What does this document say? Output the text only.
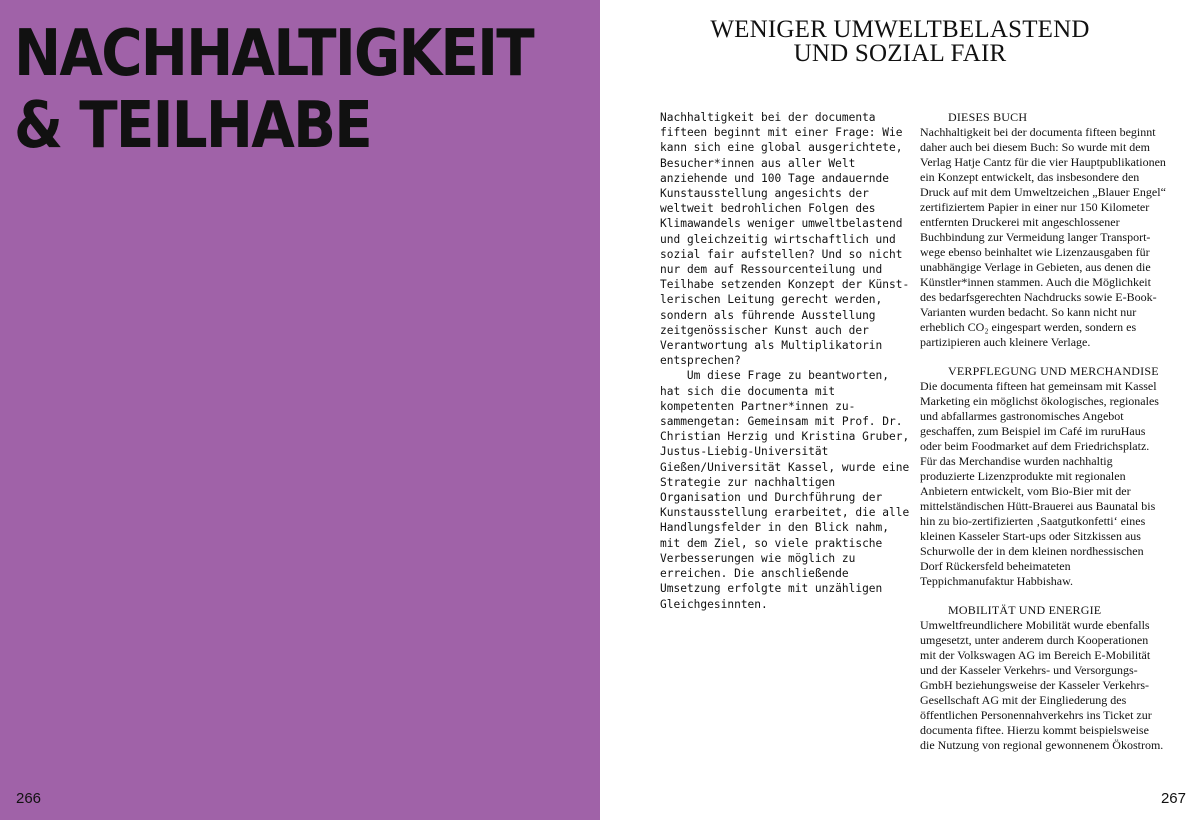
NACHHALTIGKEIT
& TEILHABE
266
WENIGER UMWELTBELASTEND
UND SOZIAL FAIR

Nachhaltigkeit bei der documenta fifteen beginnt mit einer Frage: Wie kann sich eine global ausgerichtete, Besucher*innen aus aller Welt anziehende und 100 Tage andauernde Kunstausstellung angesichts der weltweit bedrohlichen Folgen des Klimawandels weniger umweltbelastend und gleichzeitig wirtschaftlich und sozial fair aufstellen? Und so nicht nur dem auf Ressourcenteilung und Teilhabe setzenden Konzept der Künstlerischen Leitung gerecht werden, sondern als führende Ausstellung zeitgenössischer Kunst auch der Verantwortung als Multiplikatorin entsprechen?

Um diese Frage zu beantworten, hat sich die documenta mit kompetenten Partner*innen zusammengetan: Gemeinsam mit Prof. Dr. Christian Herzig und Kristina Gruber, Justus-Liebig-Universität Gießen/Universität Kassel, wurde eine Strategie zur nachhaltigen Organisation und Durchführung der Kunstausstellung erarbeitet, die alle Handlungsfelder in den Blick nahm, mit dem Ziel, so viele praktische Verbesserungen wie möglich zu erreichen. Die anschließende Umsetzung erfolgte mit unzähligen Gleichgesinnten.

DIESES BUCH

Nachhaltigkeit bei der documenta fifteen beginnt daher auch bei diesem Buch: So wurde mit dem Verlag Hatje Cantz für die vier Hauptpublikationen ein Konzept entwickelt, das insbesondere den Druck auf mit dem Umweltzeichen „Blauer Engel“ zertifiziertem Papier in einer nur 150 Kilometer entfernten Druckerei mit angeschlossener Buchbindung zur Vermeidung langer Transportwege ebenso beinhaltet wie Lizenzausgaben für unabhängige Verlage in Gebieten, aus denen die Künstler*innen stammen. Auch die Möglichkeit des bedarfsgerechten Nachdrucks sowie E-Book-Varianten wurden bedacht. So kann nicht nur erheblich CO₂ eingespart werden, sondern es partizipieren auch kleinere Verlage.

VERPFLEGUNG UND MERCHANDISE

Die documenta fifteen hat gemeinsam mit Kassel Marketing ein möglichst ökologisches, regionales und abfallarmes gastronomisches Angebot geschaffen, zum Beispiel im Café im ruruHaus oder beim Foodmarket auf dem Friedrichsplatz. Für das Merchandise wurden nachhaltig produzierte Lizenzprodukte mit regionalen Anbietern entwickelt, vom Bio-Bier mit der mittelständischen Hütt-Brauerei aus Baunatal bis hin zu bio-zertifizierten ‚Saatgutkonfetti‘ eines kleinen Kasseler Start-ups oder Sitzkissen aus Schurwolle der in dem kleinen nordhessischen Dorf Rückersfeld beheimateten Teppichmanufaktur Habbishaw.

MOBILITÄT UND ENERGIE

Umweltfreundlichere Mobilität wurde ebenfalls umgesetzt, unter anderem durch Kooperationen mit der Volkswagen AG im Bereich E-Mobilität und der Kasseler Verkehrs- und Versorgungs-GmbH beziehungsweise der Kasseler Verkehrs-Gesellschaft AG mit der Eingliederung des öffentlichen Personennahverkehrs ins Ticket zur documenta fiftee. Hierzu kommt beispielsweise die Nutzung von regional gewonnenem Ökostrom.

267
